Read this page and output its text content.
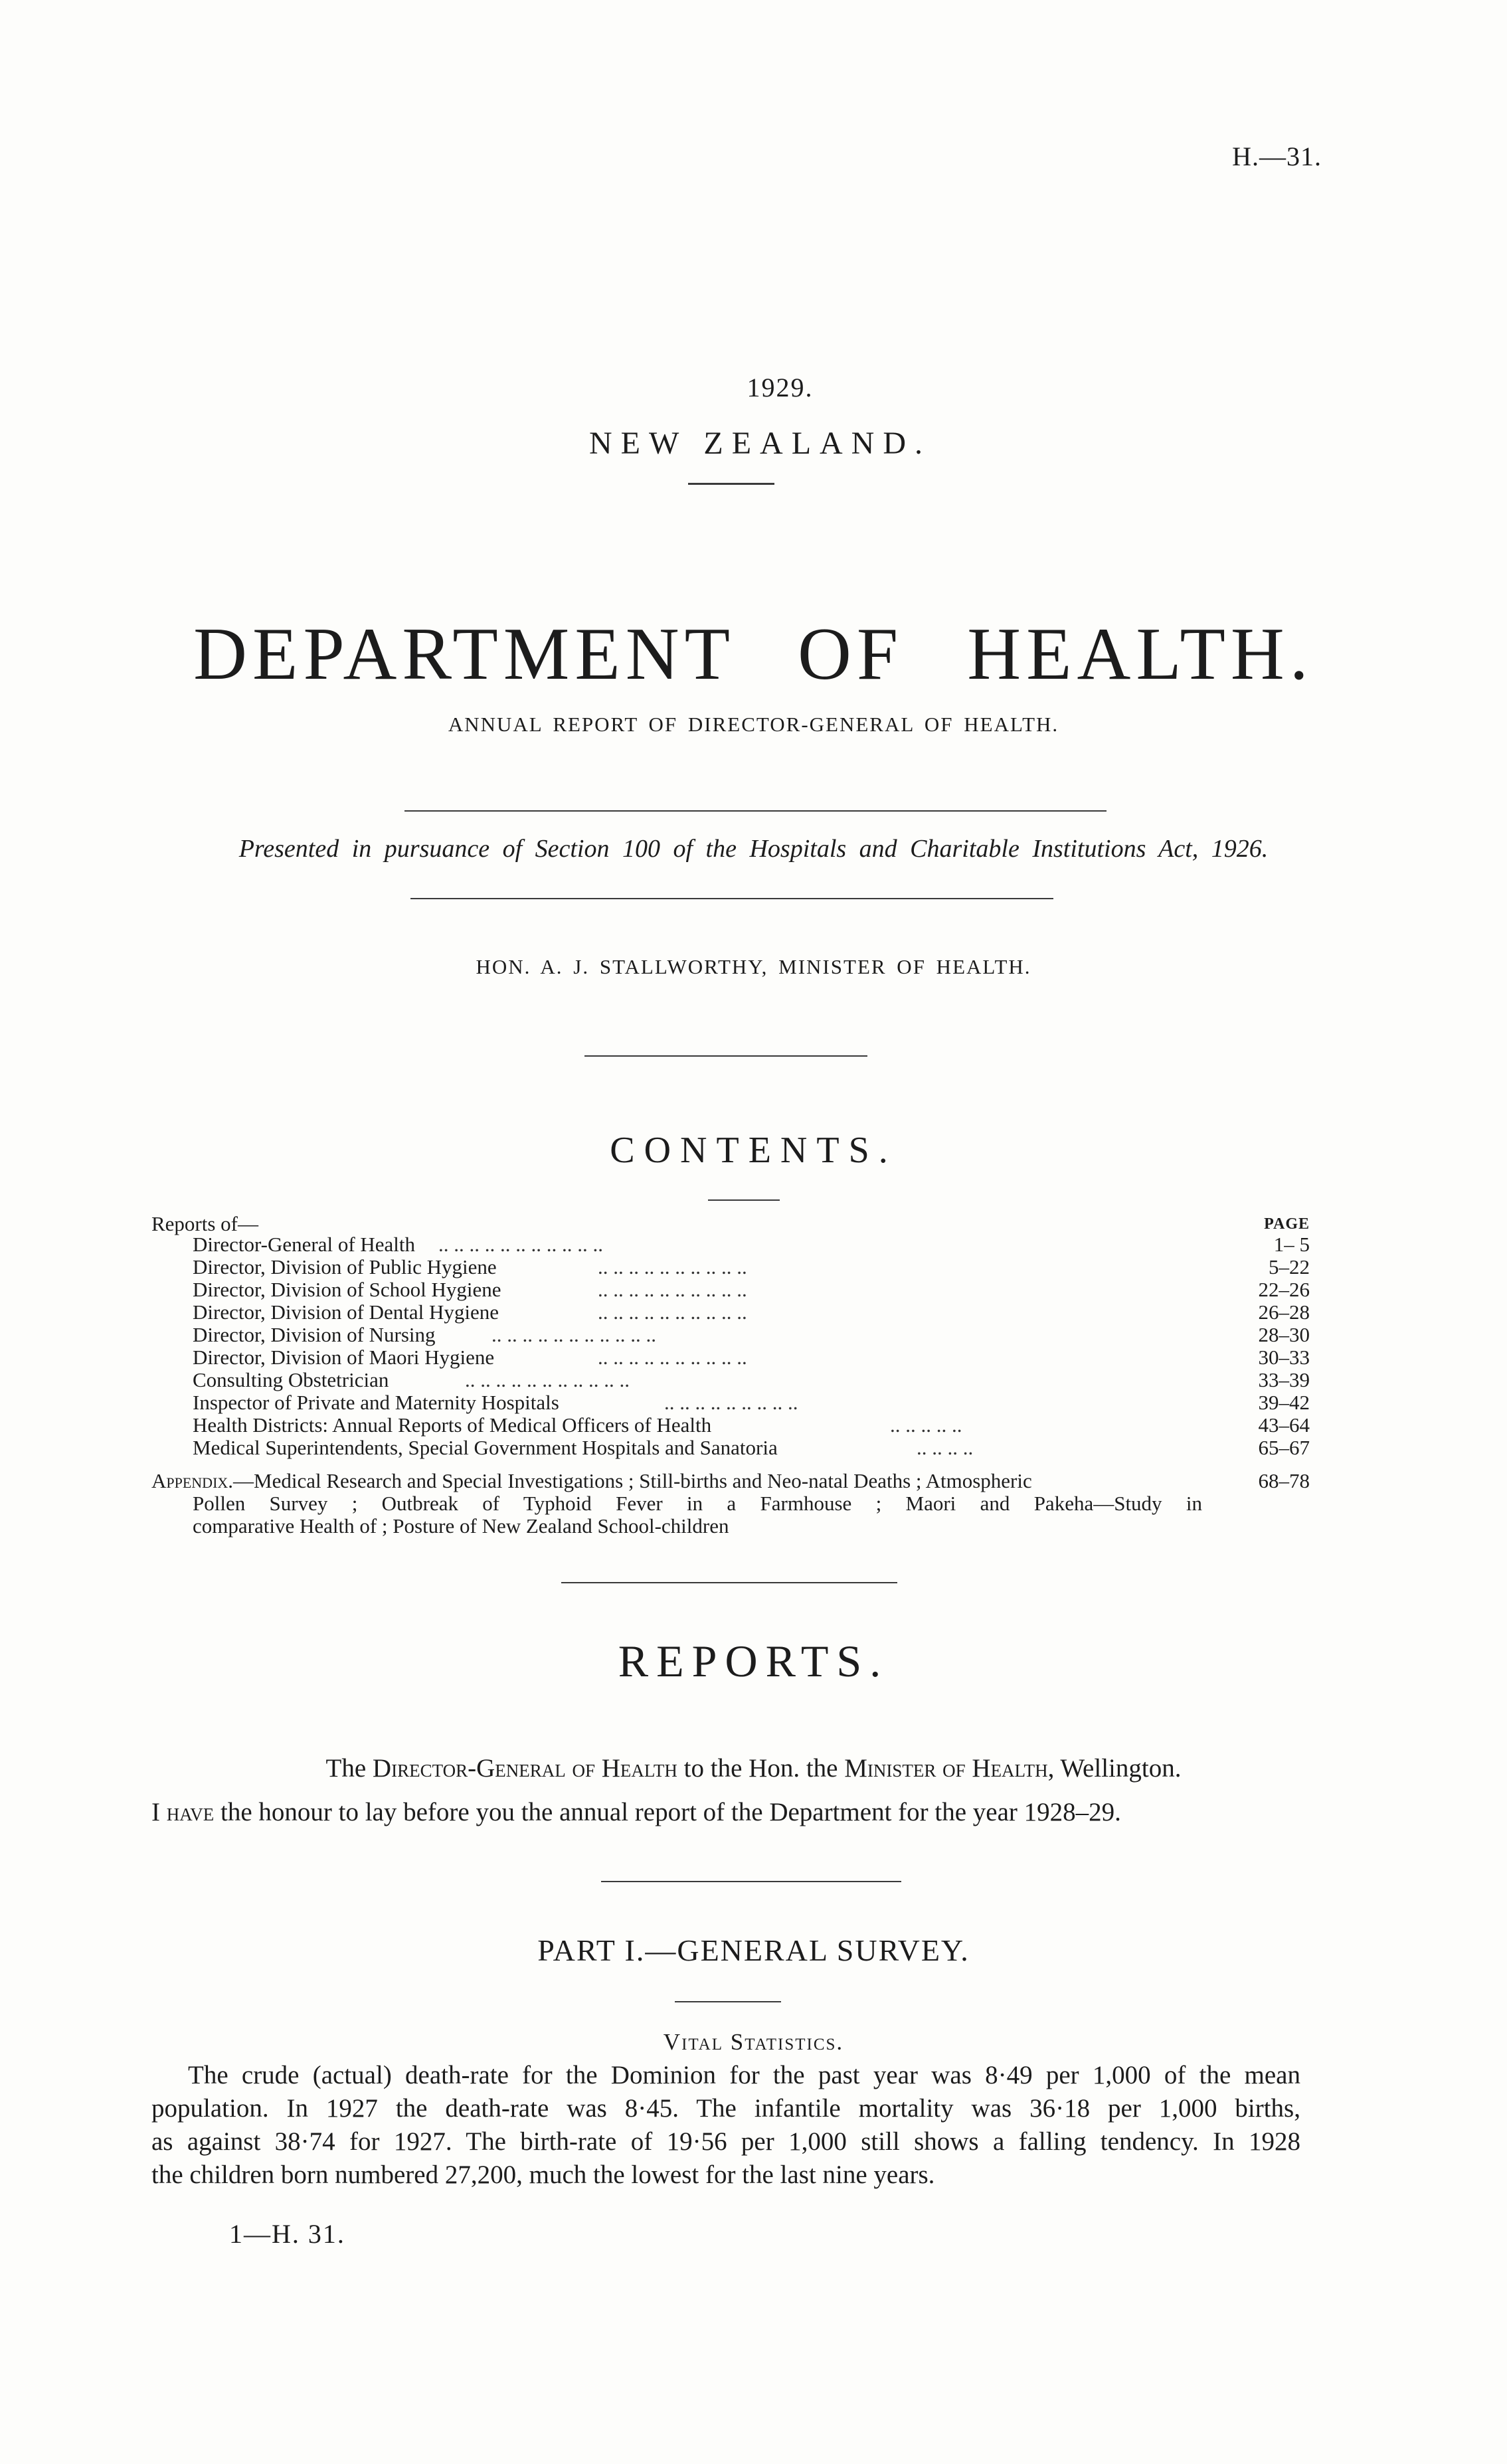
H.—31.
1929.
NEW ZEALAND.
DEPARTMENT OF HEALTH.
ANNUAL REPORT OF DIRECTOR-GENERAL OF HEALTH.
Presented in pursuance of Section 100 of the Hospitals and Charitable Institutions Act, 1926.
HON. A. J. STALLWORTHY, MINISTER OF HEALTH.
CONTENTS.
Reports of—	PAGE
Director-General of Health .. .. .. .. .. .. .. .. .. .. ..	1– 5
Director, Division of Public Hygiene	.. .. .. .. .. .. .. .. .. ..	5–22
Director, Division of School Hygiene	.. .. .. .. .. .. .. .. .. ..	22–26
Director, Division of Dental Hygiene	.. .. .. .. .. .. .. .. .. ..	26–28
Director, Division of Nursing	.. .. .. .. .. .. .. .. .. .. ..	28–30
Director, Division of Maori Hygiene	.. .. .. .. .. .. .. .. .. ..	30–33
Consulting Obstetrician	.. .. .. .. .. .. .. .. .. .. ..	33–39
Inspector of Private and Maternity Hospitals	.. .. .. .. .. .. .. .. ..	39–42
Health Districts: Annual Reports of Medical Officers of Health	.. .. .. .. ..	43–64
Medical Superintendents, Special Government Hospitals and Sanatoria	.. .. .. ..	65–67
Appendix.—Medical Research and Special Investigations ; Still-births and Neo-natal Deaths ; Atmospheric	68–78
Pollen Survey ; Outbreak of Typhoid Fever in a Farmhouse ; Maori and Pakeha—Study in
comparative Health of ; Posture of New Zealand School-children
REPORTS.
The Director-General of Health to the Hon. the Minister of Health, Wellington.
I have the honour to lay before you the annual report of the Department for the year 1928–29.
PART I.—GENERAL SURVEY.
Vital Statistics.
The crude (actual) death-rate for the Dominion for the past year was 8·49 per 1,000 of the mean
population. In 1927 the death-rate was 8·45. The infantile mortality was 36·18 per 1,000 births,
as against 38·74 for 1927. The birth-rate of 19·56 per 1,000 still shows a falling tendency. In 1928
the children born numbered 27,200, much the lowest for the last nine years.
1—H. 31.
